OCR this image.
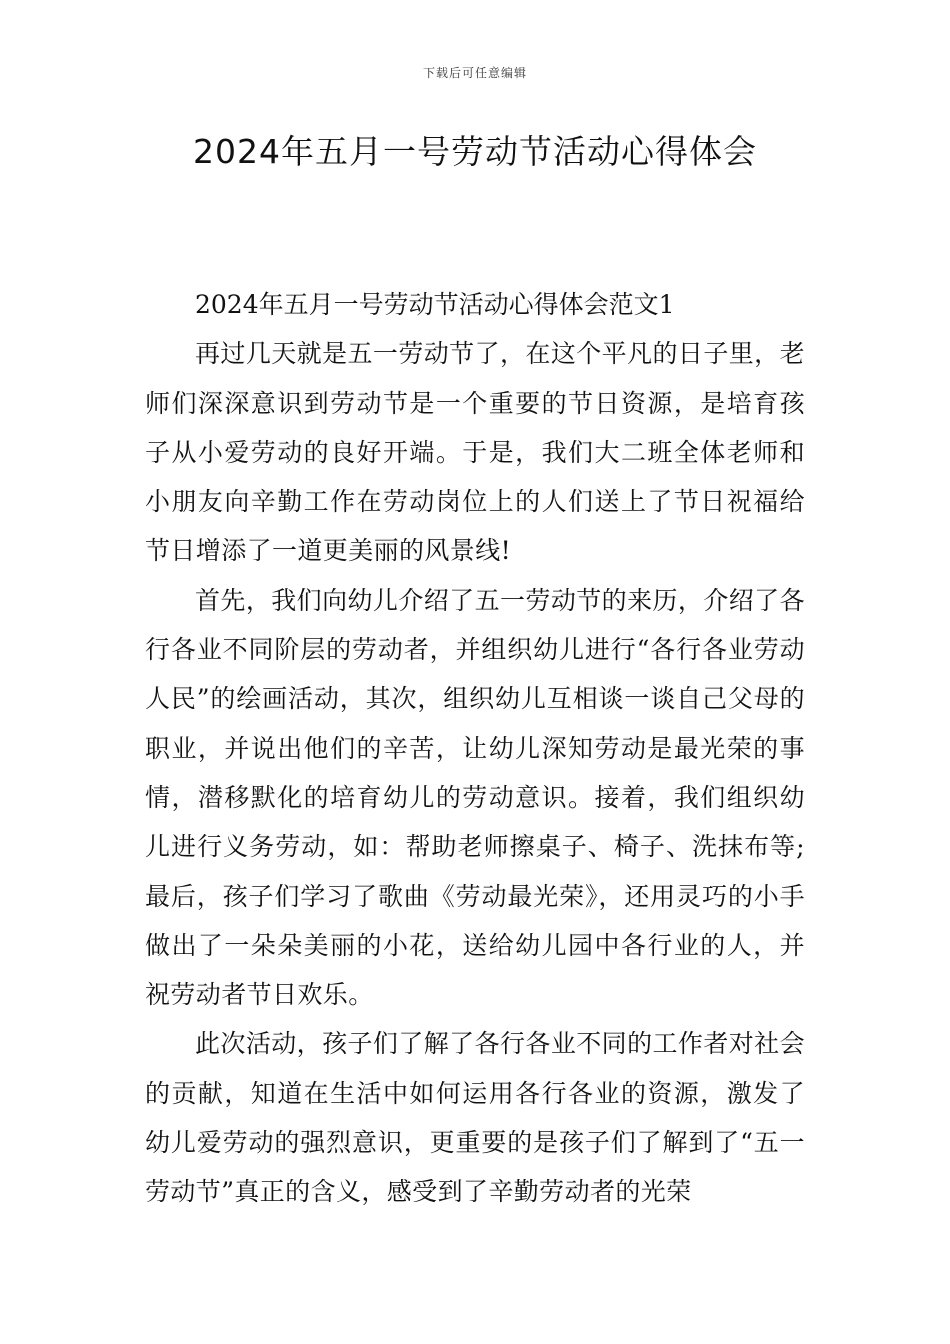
下载后可任意编辑
2024年五月一号劳动节活动心得体会

2024年五月一号劳动节活动心得体会范文1

再过几天就是五一劳动节了，在这个平凡的日子里，老师们深深意识到劳动节是一个重要的节日资源，是培育孩子从小爱劳动的良好开端。于是，我们大二班全体老师和小朋友向辛勤工作在劳动岗位上的人们送上了节日祝福给节日增添了一道更美丽的风景线!

首先，我们向幼儿介绍了五一劳动节的来历，介绍了各行各业不同阶层的劳动者，并组织幼儿进行“各行各业劳动人民”的绘画活动，其次，组织幼儿互相谈一谈自己父母的职业，并说出他们的辛苦，让幼儿深知劳动是最光荣的事情，潜移默化的培育幼儿的劳动意识。接着，我们组织幼儿进行义务劳动，如：帮助老师擦桌子、椅子、洗抹布等;最后，孩子们学习了歌曲《劳动最光荣》，还用灵巧的小手做出了一朵朵美丽的小花，送给幼儿园中各行业的人，并祝劳动者节日欢乐。

此次活动，孩子们了解了各行各业不同的工作者对社会的贡献，知道在生活中如何运用各行各业的资源，激发了幼儿爱劳动的强烈意识，更重要的是孩子们了解到了“五一劳动节”真正的含义，感受到了辛勤劳动者的光荣
